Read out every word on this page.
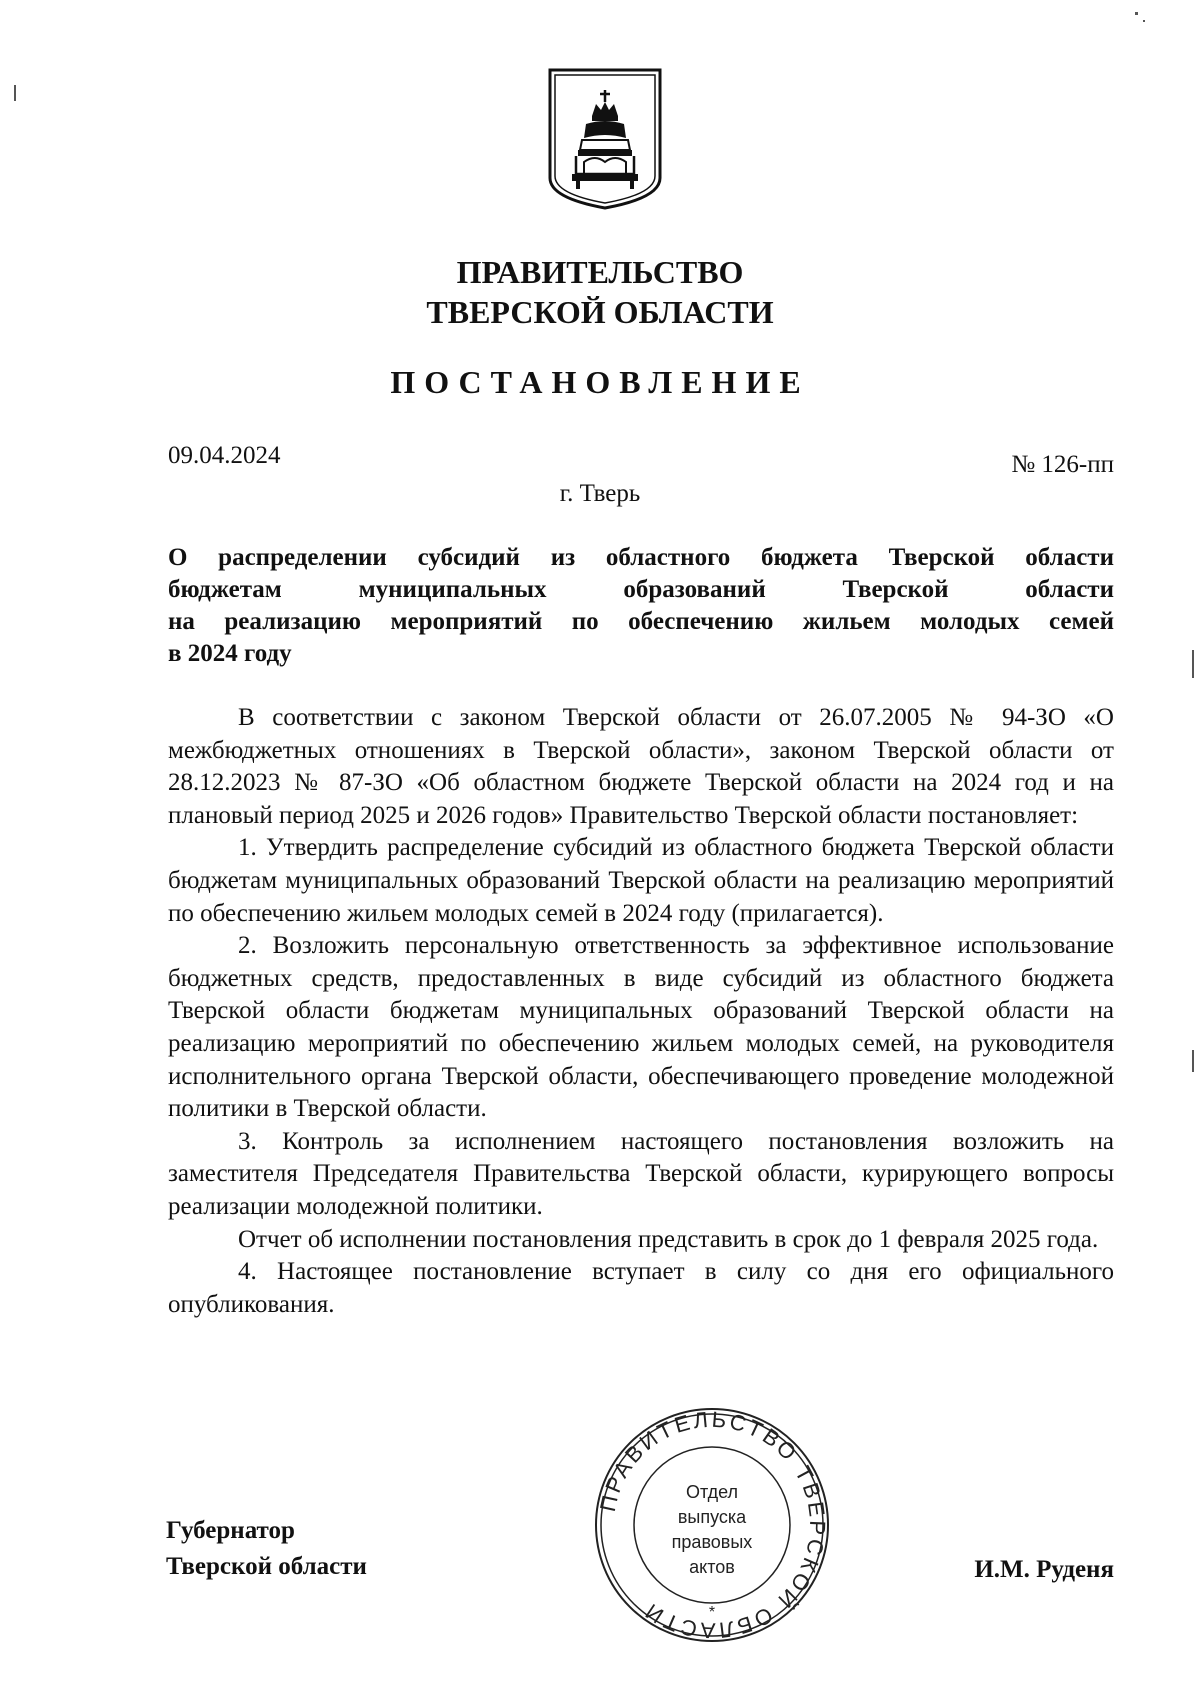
ПРАВИТЕЛЬСТВО
ТВЕРСКОЙ ОБЛАСТИ
ПОСТАНОВЛЕНИЕ
09.04.2024	№ 126-пп
г. Тверь
О распределении субсидий из областного бюджета Тверской области
бюджетам муниципальных образований Тверской области
на реализацию мероприятий по обеспечению жильем молодых семей
в 2024 году

В соответствии с законом Тверской области от 26.07.2005 № 94-ЗО «О межбюджетных отношениях в Тверской области», законом Тверской области от 28.12.2023 № 87-ЗО «Об областном бюджете Тверской области на 2024 год и на плановый период 2025 и 2026 годов» Правительство Тверской области постановляет:

1. Утвердить распределение субсидий из областного бюджета Тверской области бюджетам муниципальных образований Тверской области на реализацию мероприятий по обеспечению жильем молодых семей в 2024 году (прилагается).

2. Возложить персональную ответственность за эффективное использование бюджетных средств, предоставленных в виде субсидий из областного бюджета Тверской области бюджетам муниципальных образований Тверской области на реализацию мероприятий по обеспечению жильем молодых семей, на руководителя исполнительного органа Тверской области, обеспечивающего проведение молодежной политики в Тверской области.

3. Контроль за исполнением настоящего постановления возложить на заместителя Председателя Правительства Тверской области, курирующего вопросы реализации молодежной политики.

Отчет об исполнении постановления представить в срок до 1 февраля 2025 года.

4. Настоящее постановление вступает в силу со дня его официального опубликования.

Губернатор
Тверской области	И.М. Руденя
ПРАВИТЕЛЬСТВО ТВЕРСКОЙ ОБЛАСТИ	*
Отдел
выпуска
правовых
актов
